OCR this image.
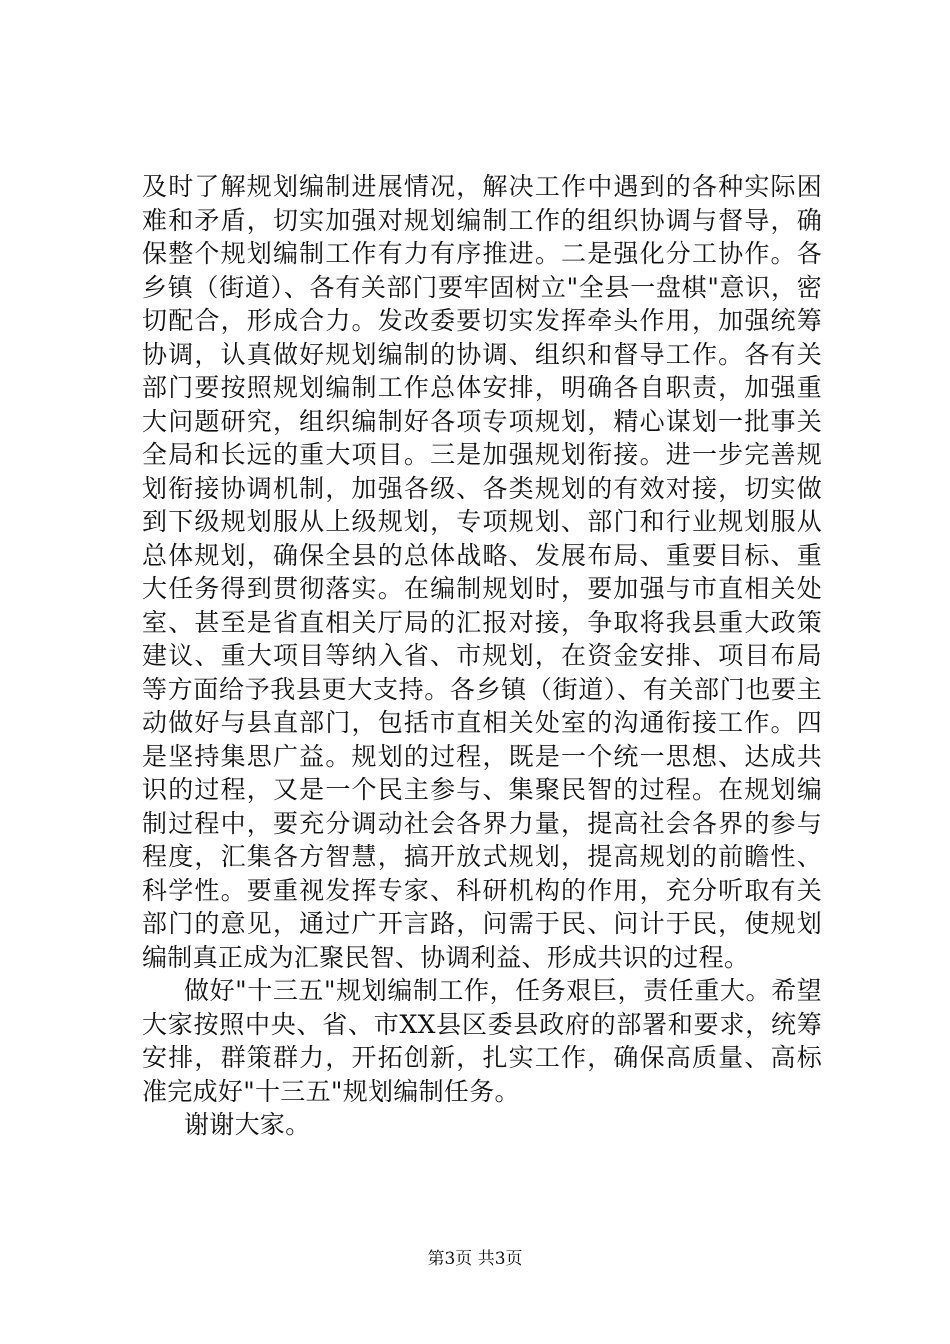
及时了解规划编制进展情况，解决工作中遇到的各种实际困难和矛盾，切实加强对规划编制工作的组织协调与督导，确保整个规划编制工作有力有序推进。二是强化分工协作。各乡镇（街道）、各有关部门要牢固树立"全县一盘棋"意识，密切配合，形成合力。发改委要切实发挥牵头作用，加强统筹协调，认真做好规划编制的协调、组织和督导工作。各有关部门要按照规划编制工作总体安排，明确各自职责，加强重大问题研究，组织编制好各项专项规划，精心谋划一批事关全局和长远的重大项目。三是加强规划衔接。进一步完善规划衔接协调机制，加强各级、各类规划的有效对接，切实做到下级规划服从上级规划，专项规划、部门和行业规划服从总体规划，确保全县的总体战略、发展布局、重要目标、重大任务得到贯彻落实。在编制规划时，要加强与市直相关处室、甚至是省直相关厅局的汇报对接，争取将我县重大政策建议、重大项目等纳入省、市规划，在资金安排、项目布局等方面给予我县更大支持。各乡镇（街道）、有关部门也要主动做好与县直部门，包括市直相关处室的沟通衔接工作。四是坚持集思广益。规划的过程，既是一个统一思想、达成共识的过程，又是一个民主参与、集聚民智的过程。在规划编制过程中，要充分调动社会各界力量，提高社会各界的参与程度，汇集各方智慧，搞开放式规划，提高规划的前瞻性、科学性。要重视发挥专家、科研机构的作用，充分听取有关部门的意见，通过广开言路，问需于民、问计于民，使规划编制真正成为汇聚民智、协调利益、形成共识的过程。

做好"十三五"规划编制工作，任务艰巨，责任重大。希望大家按照中央、省、市XX县区委县政府的部署和要求，统筹安排，群策群力，开拓创新，扎实工作，确保高质量、高标准完成好"十三五"规划编制任务。

谢谢大家。

第3页 共3页
